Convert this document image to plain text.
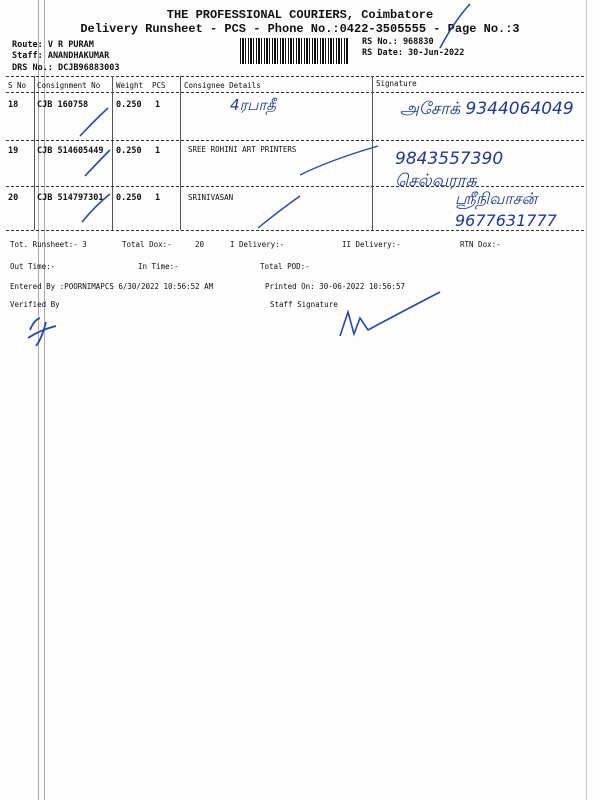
THE PROFESSIONAL COURIERS, Coimbatore
Delivery Runsheet - PCS - Phone No.:0422-3505555 - Page No.:3
Route: V R PURAM
Staff: ANANDHAKUMAR
DRS No.: DCJB96883003
RS No.: 968830
RS Date: 30-Jun-2022
S No Consignment No Weight PCS Consignee Details	Signature
18 CJB 160758	0.250 1	4ரபாதீ	அசோக் 9344064049
19 CJB 514605449 0.250 1	SREE ROHINI ART PRINTERS	9843557390 செல்வராசு
20 CJB 514797301 0.250 1	SRINIVASAN	ஸ்ரீநிவாசன் 9677631777
Tot. Runsheet:- 3	Total Dox:-	20	I Delivery:-	II Delivery:-	RTN Dox:-
Out Time:-	In Time:-	Total POD:-
Entered By :POORNIMAPCS 6/30/2022 10:56:52 AM	Printed On: 30-06-2022 10:56:57
Verified By	Staff Signature
